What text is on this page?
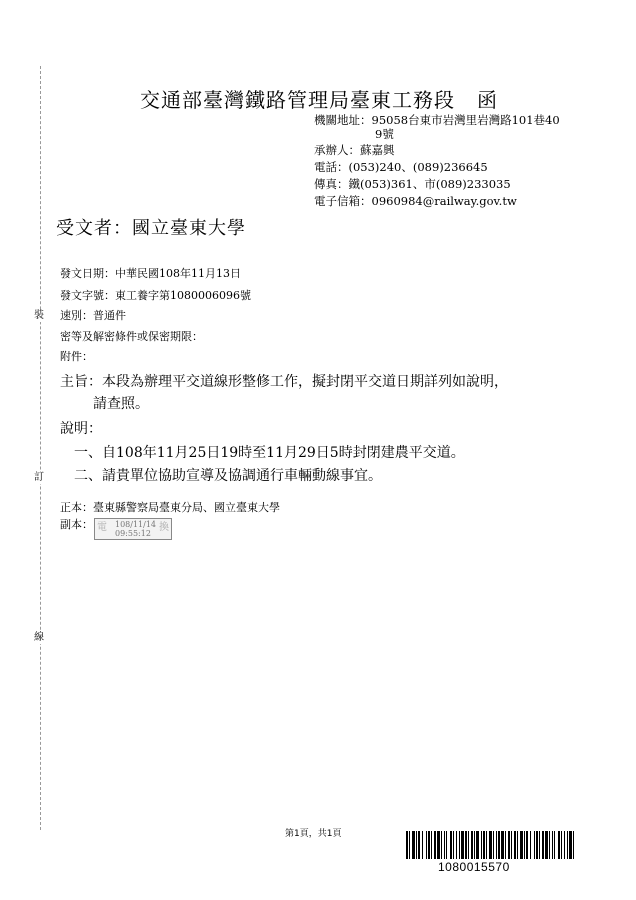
裝
訂
線
交通部臺灣鐵路管理局臺東工務段 函
機關地址：95058台東市岩灣里岩灣路101巷40
9號
承辦人：蘇嘉興
電話：(053)240、(089)236645
傳真：鐵(053)361、市(089)233035
電子信箱：0960984@railway.gov.tw
受文者：國立臺東大學
發文日期：中華民國108年11月13日
發文字號：東工養字第1080006096號
速別：普通件
密等及解密條件或保密期限：
附件：
主旨：本段為辦理平交道線形整修工作，擬封閉平交道日期詳列如說明，
請查照。
說明：
一、自108年11月25日19時至11月29日5時封閉建農平交道。
二、請貴單位協助宣導及協調通行車輛動線事宜。
正本：臺東縣警察局臺東分局、國立臺東大學
副本： 電 108/11/14
09:55:12
換
第1頁，共1頁
1080015570
